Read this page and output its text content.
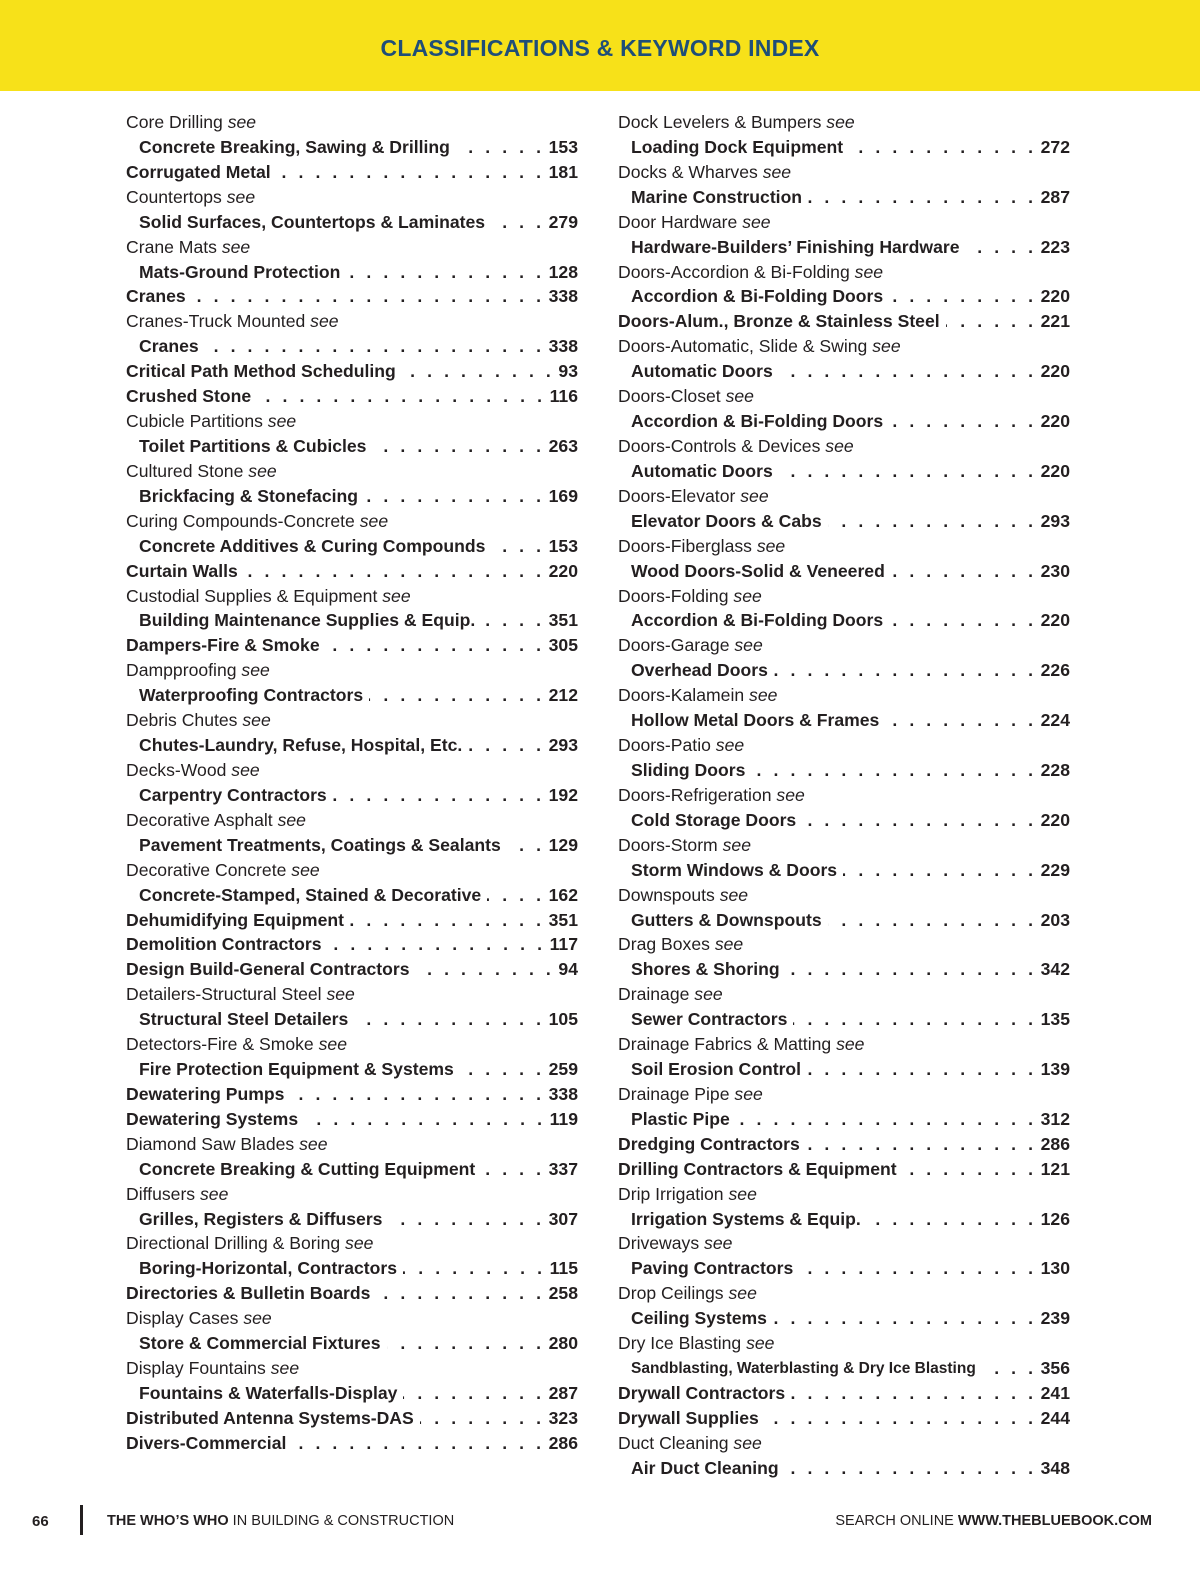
CLASSIFICATIONS & KEYWORD INDEX
Core Drilling see
Concrete Breaking, Sawing & Drilling . . .	153
Corrugated Metal . . .	181
Countertops see
Solid Surfaces, Countertops & Laminates . . .	279
Crane Mats see
Mats-Ground Protection . . .	128
Cranes . . .	338
Cranes-Truck Mounted see
Cranes . . .	338
Critical Path Method Scheduling . . .	93
Crushed Stone . . .	116
Cubicle Partitions see
Toilet Partitions & Cubicles . . .	263
Cultured Stone see
Brickfacing & Stonefacing . . .	169
Curing Compounds-Concrete see
Concrete Additives & Curing Compounds . . .	153
Curtain Walls . . .	220
Custodial Supplies & Equipment see
Building Maintenance Supplies & Equip. . . .	351
Dampers-Fire & Smoke . . .	305
Dampproofing see
Waterproofing Contractors . . .	212
Debris Chutes see
Chutes-Laundry, Refuse, Hospital, Etc. . . .	293
Decks-Wood see
Carpentry Contractors . . .	192
Decorative Asphalt see
Pavement Treatments, Coatings & Sealants . . .	129
Decorative Concrete see
Concrete-Stamped, Stained & Decorative . . .	162
Dehumidifying Equipment . . .	351
Demolition Contractors . . .	117
Design Build-General Contractors . . .	94
Detailers-Structural Steel see
Structural Steel Detailers . . .	105
Detectors-Fire & Smoke see
Fire Protection Equipment & Systems . . .	259
Dewatering Pumps . . .	338
Dewatering Systems . . .	119
Diamond Saw Blades see
Concrete Breaking & Cutting Equipment . . .	337
Diffusers see
Grilles, Registers & Diffusers . . .	307
Directional Drilling & Boring see
Boring-Horizontal, Contractors . . .	115
Directories & Bulletin Boards . . .	258
Display Cases see
Store & Commercial Fixtures . . .	280
Display Fountains see
Fountains & Waterfalls-Display . . .	287
Distributed Antenna Systems-DAS . . .	323
Divers-Commercial . . .	286
Dock Levelers & Bumpers see
Loading Dock Equipment . . .	272
Docks & Wharves see
Marine Construction . . .	287
Door Hardware see
Hardware-Builders’ Finishing Hardware . . .	223
Doors-Accordion & Bi-Folding see
Accordion & Bi-Folding Doors . . .	220
Doors-Alum., Bronze & Stainless Steel . . .	221
Doors-Automatic, Slide & Swing see
Automatic Doors . . .	220
Doors-Closet see
Accordion & Bi-Folding Doors . . .	220
Doors-Controls & Devices see
Automatic Doors . . .	220
Doors-Elevator see
Elevator Doors & Cabs . . .	293
Doors-Fiberglass see
Wood Doors-Solid & Veneered . . .	230
Doors-Folding see
Accordion & Bi-Folding Doors . . .	220
Doors-Garage see
Overhead Doors . . .	226
Doors-Kalamein see
Hollow Metal Doors & Frames . . .	224
Doors-Patio see
Sliding Doors . . .	228
Doors-Refrigeration see
Cold Storage Doors . . .	220
Doors-Storm see
Storm Windows & Doors . . .	229
Downspouts see
Gutters & Downspouts . . .	203
Drag Boxes see
Shores & Shoring . . .	342
Drainage see
Sewer Contractors . . .	135
Drainage Fabrics & Matting see
Soil Erosion Control . . .	139
Drainage Pipe see
Plastic Pipe . . .	312
Dredging Contractors . . .	286
Drilling Contractors & Equipment . . .	121
Drip Irrigation see
Irrigation Systems & Equip. . . .	126
Driveways see
Paving Contractors . . .	130
Drop Ceilings see
Ceiling Systems . . .	239
Dry Ice Blasting see
Sandblasting, Waterblasting & Dry Ice Blasting . . .	356
Drywall Contractors . . .	241
Drywall Supplies . . .	244
Duct Cleaning see
Air Duct Cleaning . . .	348
66	THE WHO’S WHO IN BUILDING & CONSTRUCTION	SEARCH ONLINE WWW.THEBLUEBOOK.COM
